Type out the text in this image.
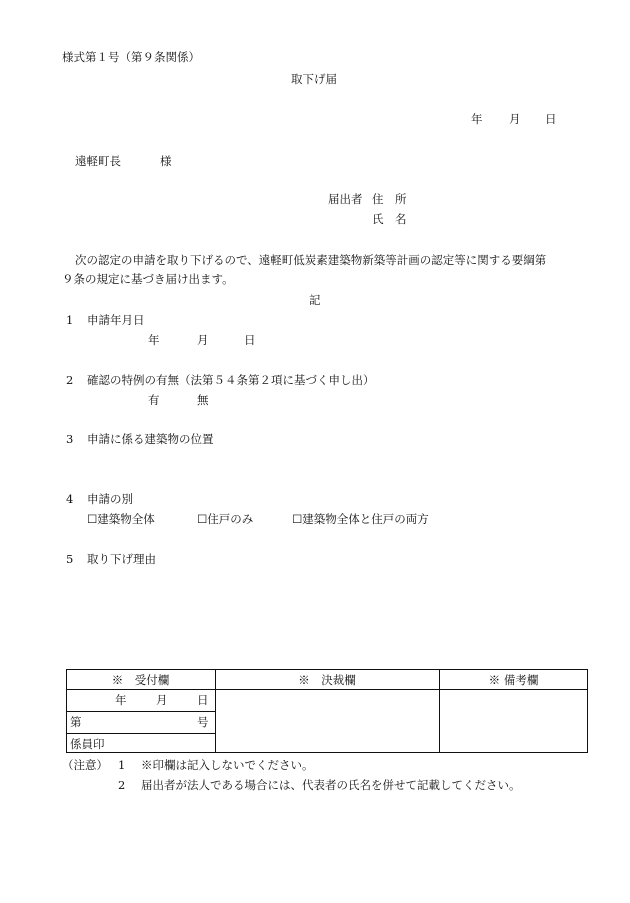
様式第１号（第９条関係）
取下げ届
年 月 日
遠軽町長	様
届出者 住　所
氏　名
次の認定の申請を取り下げるので、遠軽町低炭素建築物新築等計画の認定等に関する要綱第
９条の規定に基づき届け出ます。
記
1 申請年月日
年	月	日
2 確認の特例の有無（法第５４条第２項に基づく申し出）
有	無
3 申請に係る建築物の位置
4 申請の別
☐建築物全体	☐住戸のみ	☐建築物全体と住戸の両方
5 取り下げ理由
※　受付欄	※　決裁欄	※ 備考欄
年	月	日
第	号
係員印
（注意） 1 ※印欄は記入しないでください。
2 届出者が法人である場合には、代表者の氏名を併せて記載してください。
